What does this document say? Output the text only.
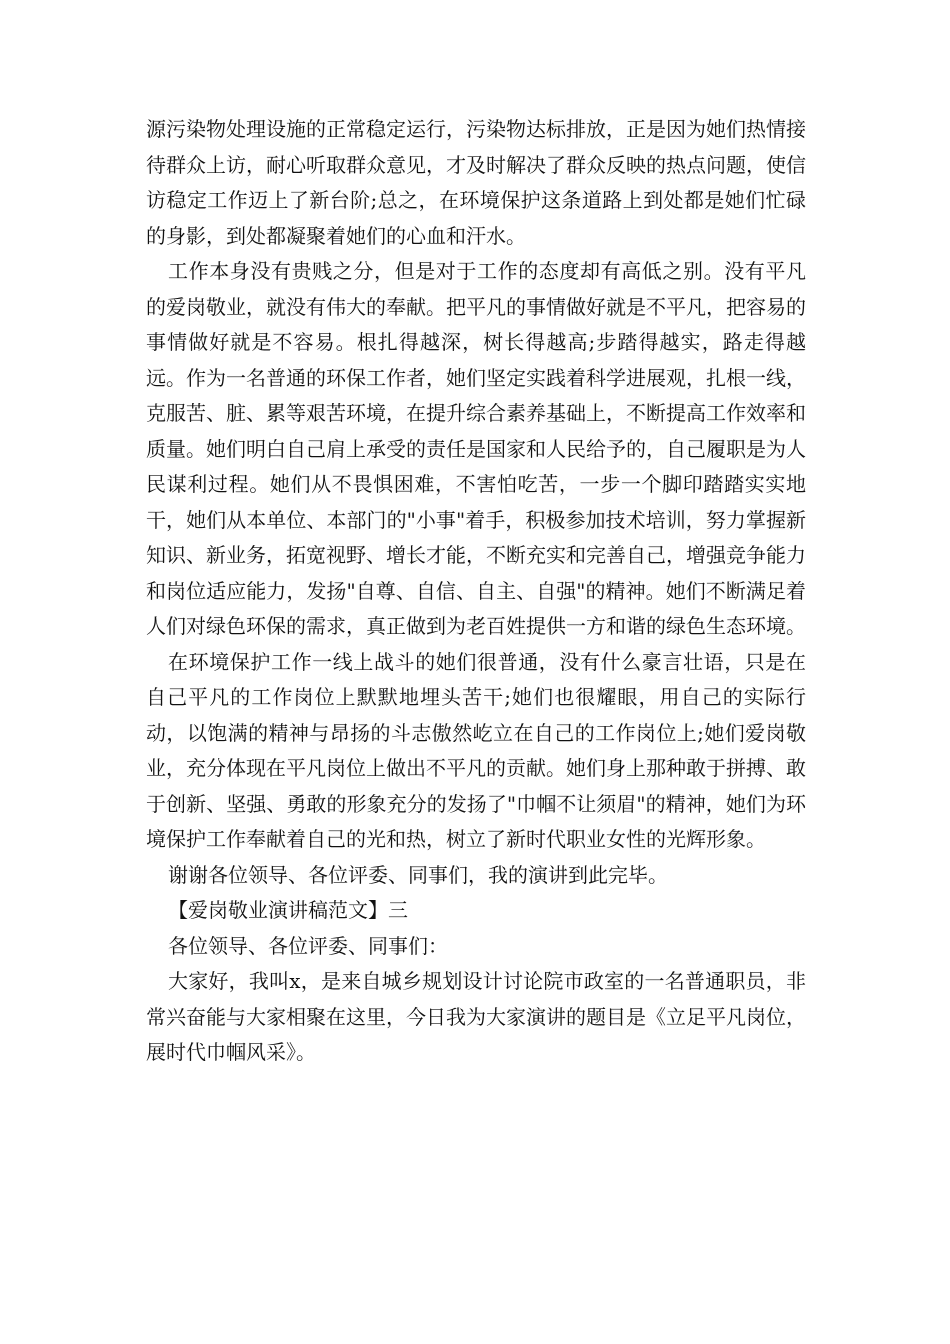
源污染物处理设施的正常稳定运行，污染物达标排放，正是因为她们热情接待群众上访，耐心听取群众意见，才及时解决了群众反映的热点问题，使信访稳定工作迈上了新台阶;总之，在环境保护这条道路上到处都是她们忙碌的身影，到处都凝聚着她们的心血和汗水。

工作本身没有贵贱之分，但是对于工作的态度却有高低之别。没有平凡的爱岗敬业，就没有伟大的奉献。把平凡的事情做好就是不平凡，把容易的事情做好就是不容易。根扎得越深，树长得越高;步踏得越实，路走得越远。作为一名普通的环保工作者，她们坚定实践着科学进展观，扎根一线，克服苦、脏、累等艰苦环境，在提升综合素养基础上，不断提高工作效率和质量。她们明白自己肩上承受的责任是国家和人民给予的，自己履职是为人民谋利过程。她们从不畏惧困难，不害怕吃苦，一步一个脚印踏踏实实地干，她们从本单位、本部门的"小事"着手，积极参加技术培训，努力掌握新知识、新业务，拓宽视野、增长才能，不断充实和完善自己，增强竞争能力和岗位适应能力，发扬"自尊、自信、自主、自强"的精神。她们不断满足着人们对绿色环保的需求，真正做到为老百姓提供一方和谐的绿色生态环境。

在环境保护工作一线上战斗的她们很普通，没有什么豪言壮语，只是在自己平凡的工作岗位上默默地埋头苦干;她们也很耀眼，用自己的实际行动，以饱满的精神与昂扬的斗志傲然屹立在自己的工作岗位上;她们爱岗敬业，充分体现在平凡岗位上做出不平凡的贡献。她们身上那种敢于拼搏、敢于创新、坚强、勇敢的形象充分的发扬了"巾帼不让须眉"的精神，她们为环境保护工作奉献着自己的光和热，树立了新时代职业女性的光辉形象。

谢谢各位领导、各位评委、同事们，我的演讲到此完毕。

【爱岗敬业演讲稿范文】三

各位领导、各位评委、同事们：

大家好，我叫x，是来自城乡规划设计讨论院市政室的一名普通职员，非常兴奋能与大家相聚在这里，今日我为大家演讲的题目是《立足平凡岗位，展时代巾帼风采》。
